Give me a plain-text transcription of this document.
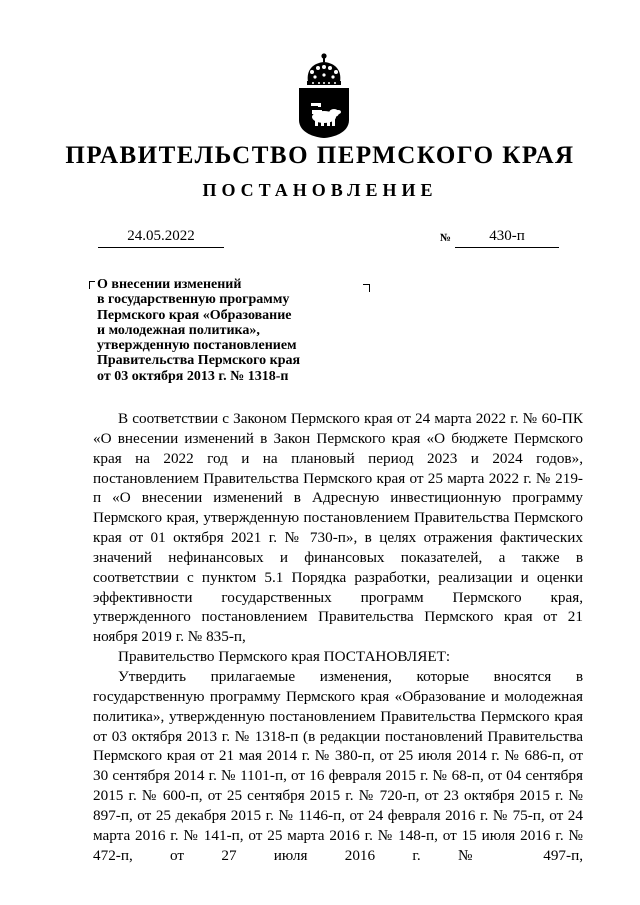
ПРАВИТЕЛЬСТВО ПЕРМСКОГО КРАЯ
ПОСТАНОВЛЕНИЕ
24.05.2022	№	430-п
О внесении изменений
в государственную программу
Пермского края «Образование
и молодежная политика»,
утвержденную постановлением
Правительства Пермского края
от 03 октября 2013 г. № 1318-п

В соответствии с Законом Пермского края от 24 марта 2022 г. № 60-ПК «О внесении изменений в Закон Пермского края «О бюджете Пермского края на 2022 год и на плановый период 2023 и 2024 годов», постановлением Правительства Пермского края от 25 марта 2022 г. № 219-п «О внесении изменений в Адресную инвестиционную программу Пермского края, утвержденную постановлением Правительства Пермского края от 01 октября 2021 г. № 730-п», в целях отражения фактических значений нефинансовых и финансовых показателей, а также в соответствии с пунктом 5.1 Порядка разработки, реализации и оценки эффективности государственных программ Пермского края, утвержденного постановлением Правительства Пермского края от 21 ноября 2019 г. № 835-п,

Правительство Пермского края ПОСТАНОВЛЯЕТ:

Утвердить прилагаемые изменения, которые вносятся в государственную программу Пермского края «Образование и молодежная политика», утвержденную постановлением Правительства Пермского края от 03 октября 2013 г. № 1318-п (в редакции постановлений Правительства Пермского края от 21 мая 2014 г. № 380-п, от 25 июля 2014 г. № 686-п, от 30 сентября 2014 г. № 1101-п, от 16 февраля 2015 г. № 68-п, от 04 сентября 2015 г. № 600-п, от 25 сентября 2015 г. № 720-п, от 23 октября 2015 г. № 897-п, от 25 декабря 2015 г. № 1146-п, от 24 февраля 2016 г. № 75-п, от 24 марта 2016 г. № 141-п, от 25 марта 2016 г. № 148-п, от 15 июля 2016 г. № 472-п, от 27 июля 2016 г. № 497-п,
